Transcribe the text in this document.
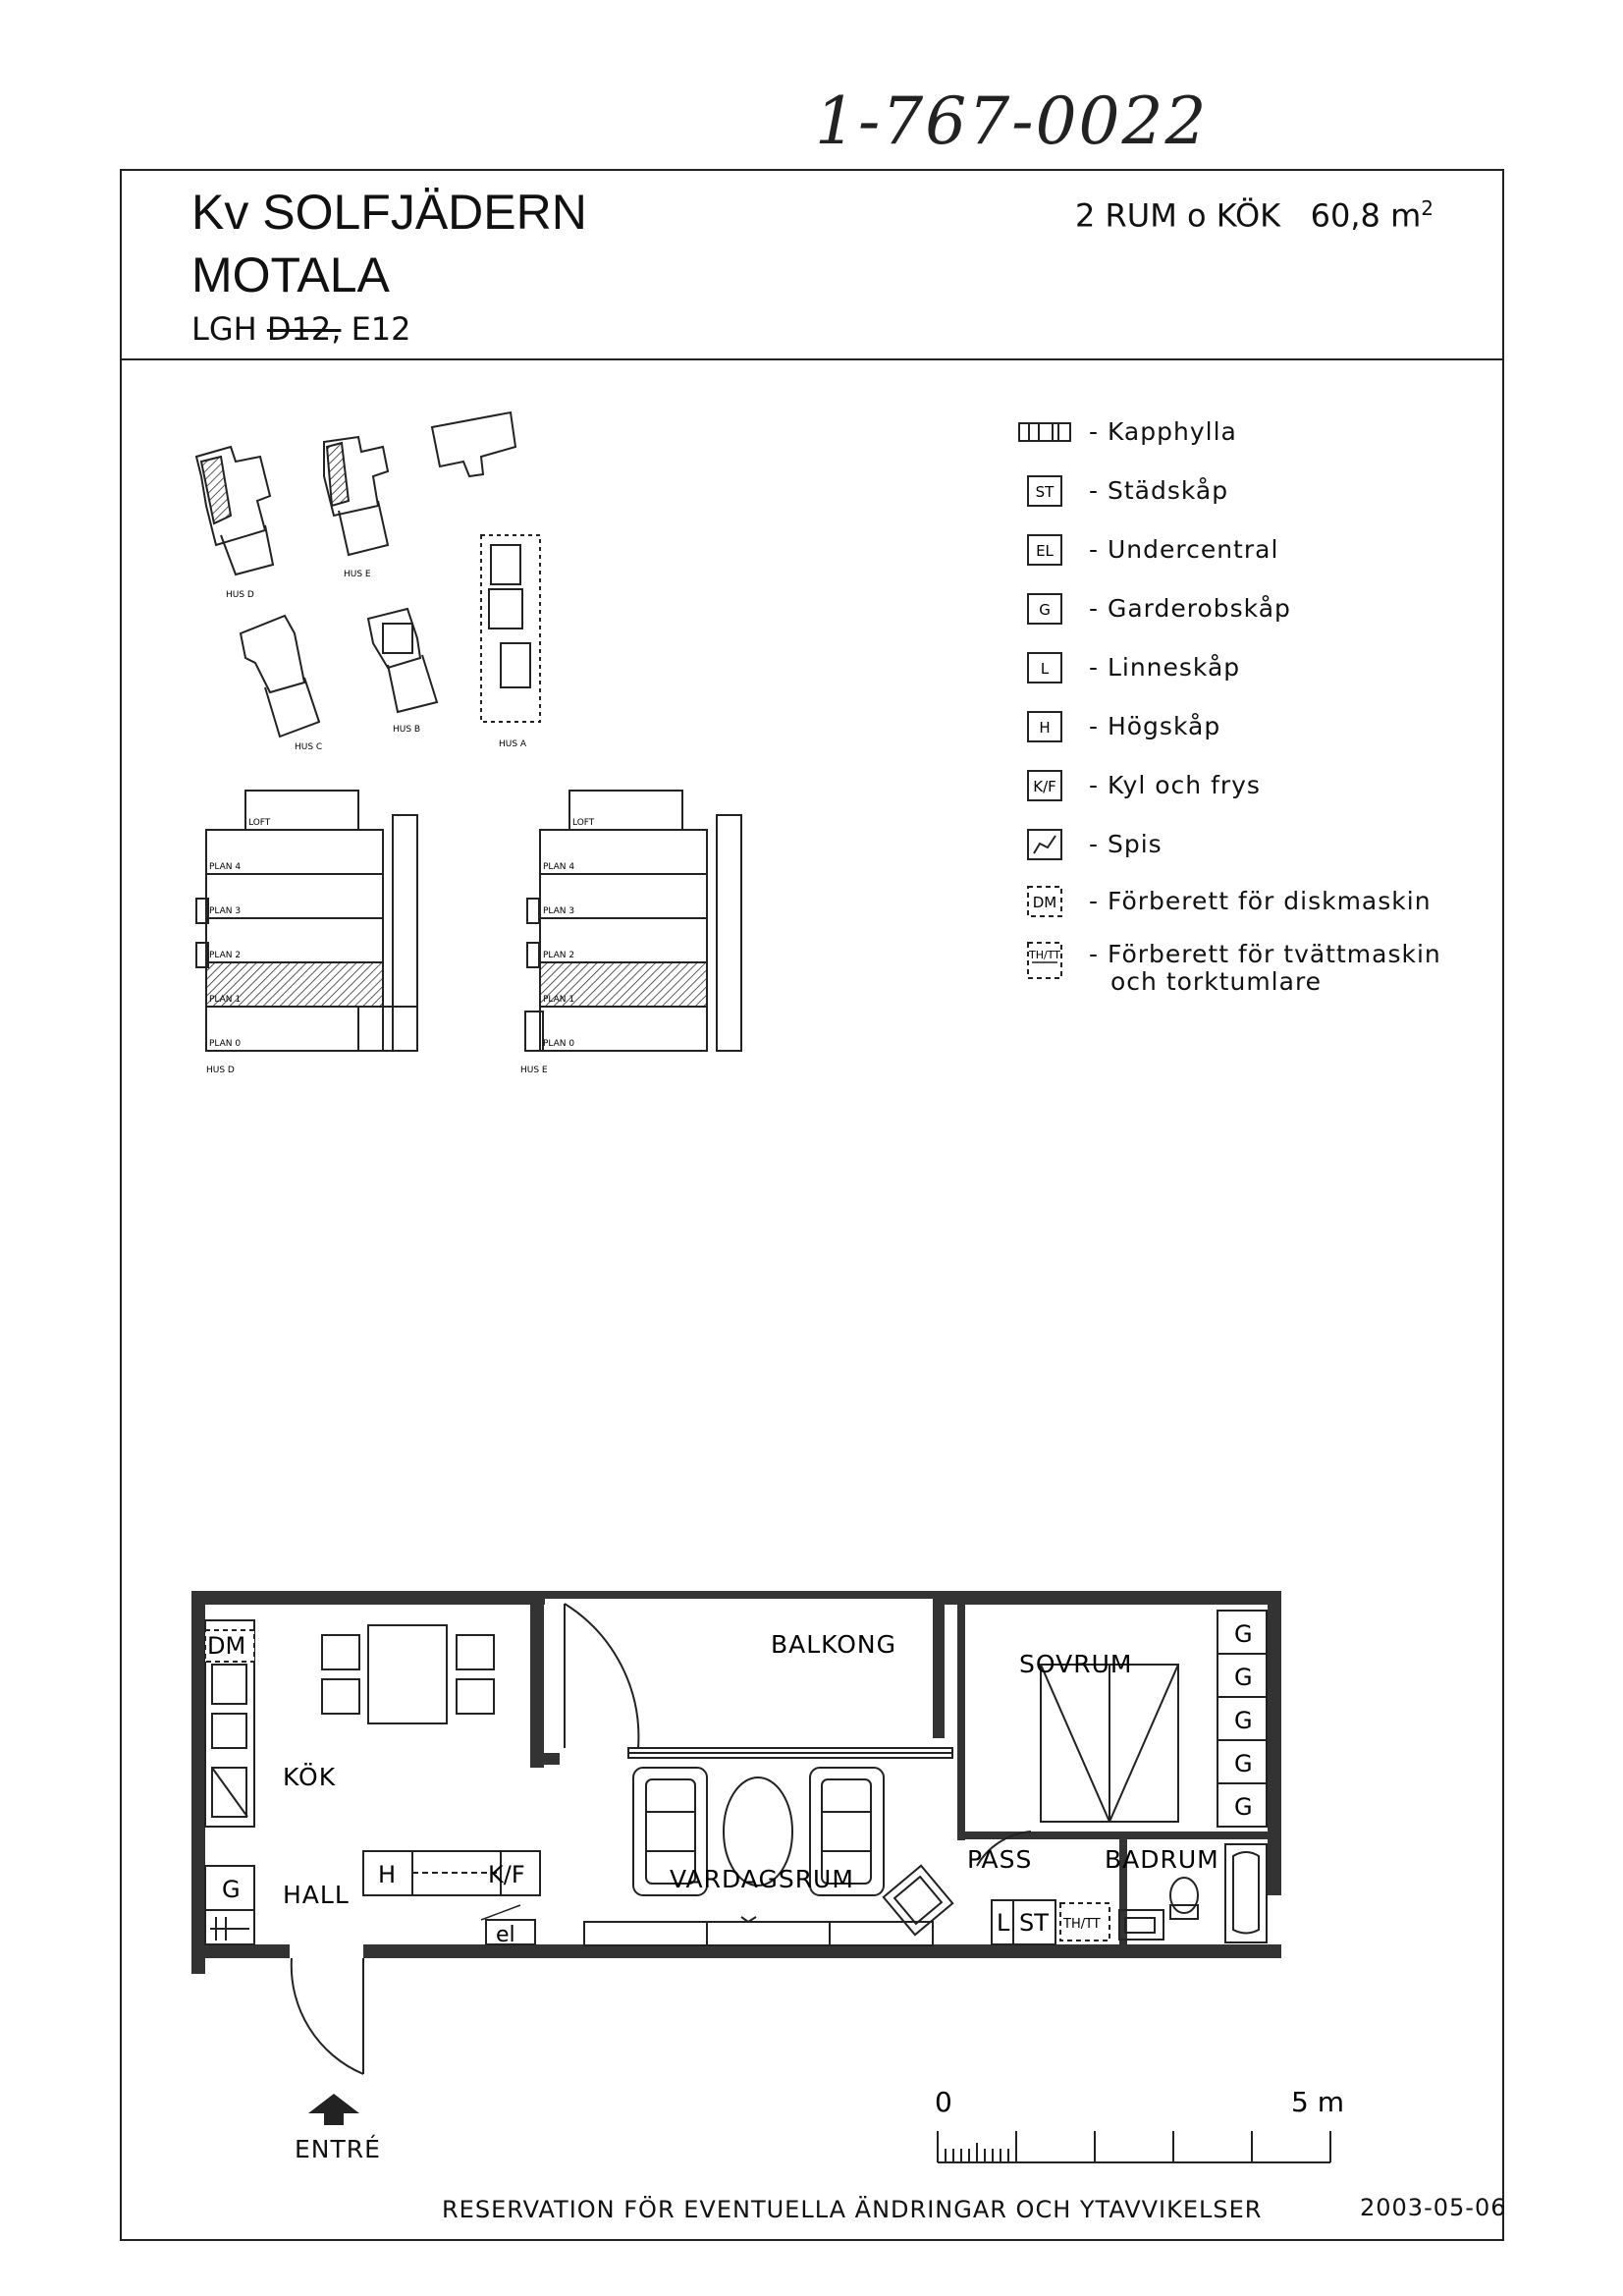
1-767-0022
Kv SOLFJÄDERN
MOTALA
LGH D12, E12
2 RUM o KÖK 60,8 $m^2$
HUS D
HUS E
HUS C
HUS B
HUS A
LOFT
PLAN 4
PLAN 3
PLAN 2
PLAN 1
PLAN 0
HUS D
LOFT
PLAN 4
PLAN 3
PLAN 2
PLAN 1
PLAN 0
HUS E
- Kapphylla
ST - Städskåp
EL - Undercentral
G - Garderobskåp
L - Linneskåp
H - Högskåp
K/F - Kyl och frys
- Spis
DM - Förberett för diskmaskin
TH/TT - Förberett för tvättmaskin
och torktumlare
DM
H	K/F
G
el
G
G
G
G
G
TH/TT
L ST
BALKONG
SOVRUM
KÖK
HALL
VARDAGSRUM
PASS	BADRUM
ENTRÉ
0	5 m
RESERVATION FÖR EVENTUELLA ÄNDRINGAR OCH YTAVVIKELSER	2003-05-06
